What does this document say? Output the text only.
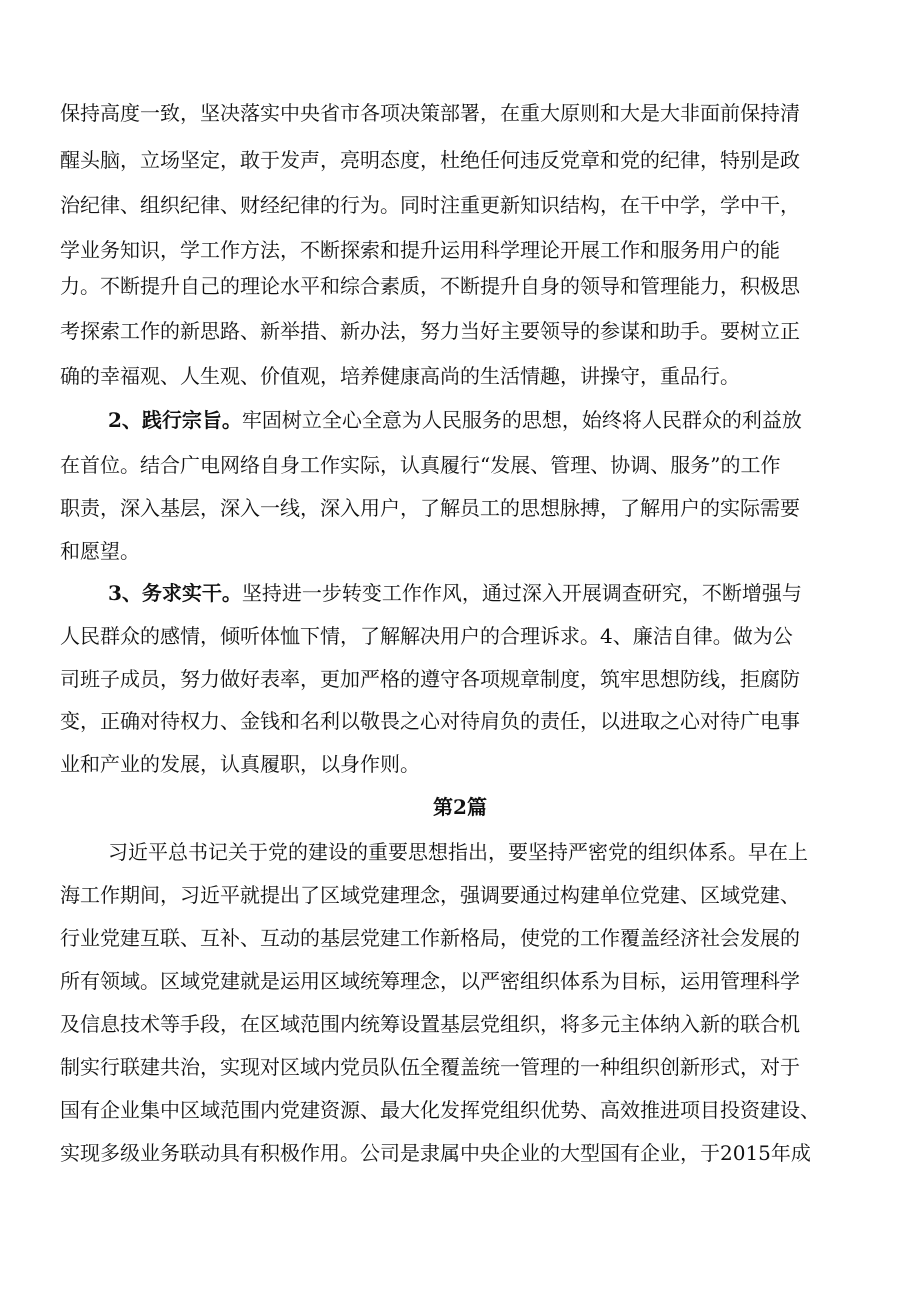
保持高度一致，坚决落实中央省市各项决策部署，在重大原则和大是大非面前保持清
醒头脑，立场坚定，敢于发声，亮明态度，杜绝任何违反党章和党的纪律，特别是政
治纪律、组织纪律、财经纪律的行为。同时注重更新知识结构，在干中学，学中干，
学业务知识，学工作方法，不断探索和提升运用科学理论开展工作和服务用户的能
力。不断提升自己的理论水平和综合素质，不断提升自身的领导和管理能力，积极思
考探索工作的新思路、新举措、新办法，努力当好主要领导的参谋和助手。要树立正
确的幸福观、人生观、价值观，培养健康高尚的生活情趣，讲操守，重品行。
2、践行宗旨。牢固树立全心全意为人民服务的思想，始终将人民群众的利益放
在首位。结合广电网络自身工作实际，认真履行“发展、管理、协调、服务”的工作
职责，深入基层，深入一线，深入用户，了解员工的思想脉搏，了解用户的实际需要
和愿望。
3、务求实干。坚持进一步转变工作作风，通过深入开展调查研究，不断增强与
人民群众的感情，倾听体恤下情，了解解决用户的合理诉求。4、廉洁自律。做为公
司班子成员，努力做好表率，更加严格的遵守各项规章制度，筑牢思想防线，拒腐防
变，正确对待权力、金钱和名利以敬畏之心对待肩负的责任，以进取之心对待广电事
业和产业的发展，认真履职，以身作则。
第2篇
习近平总书记关于党的建设的重要思想指出，要坚持严密党的组织体系。早在上
海工作期间，习近平就提出了区域党建理念，强调要通过构建单位党建、区域党建、
行业党建互联、互补、互动的基层党建工作新格局，使党的工作覆盖经济社会发展的
所有领域。区域党建就是运用区域统筹理念，以严密组织体系为目标，运用管理科学
及信息技术等手段，在区域范围内统筹设置基层党组织，将多元主体纳入新的联合机
制实行联建共治，实现对区域内党员队伍全覆盖统一管理的一种组织创新形式，对于
国有企业集中区域范围内党建资源、最大化发挥党组织优势、高效推进项目投资建设、
实现多级业务联动具有积极作用。公司是隶属中央企业的大型国有企业，于2015年成
